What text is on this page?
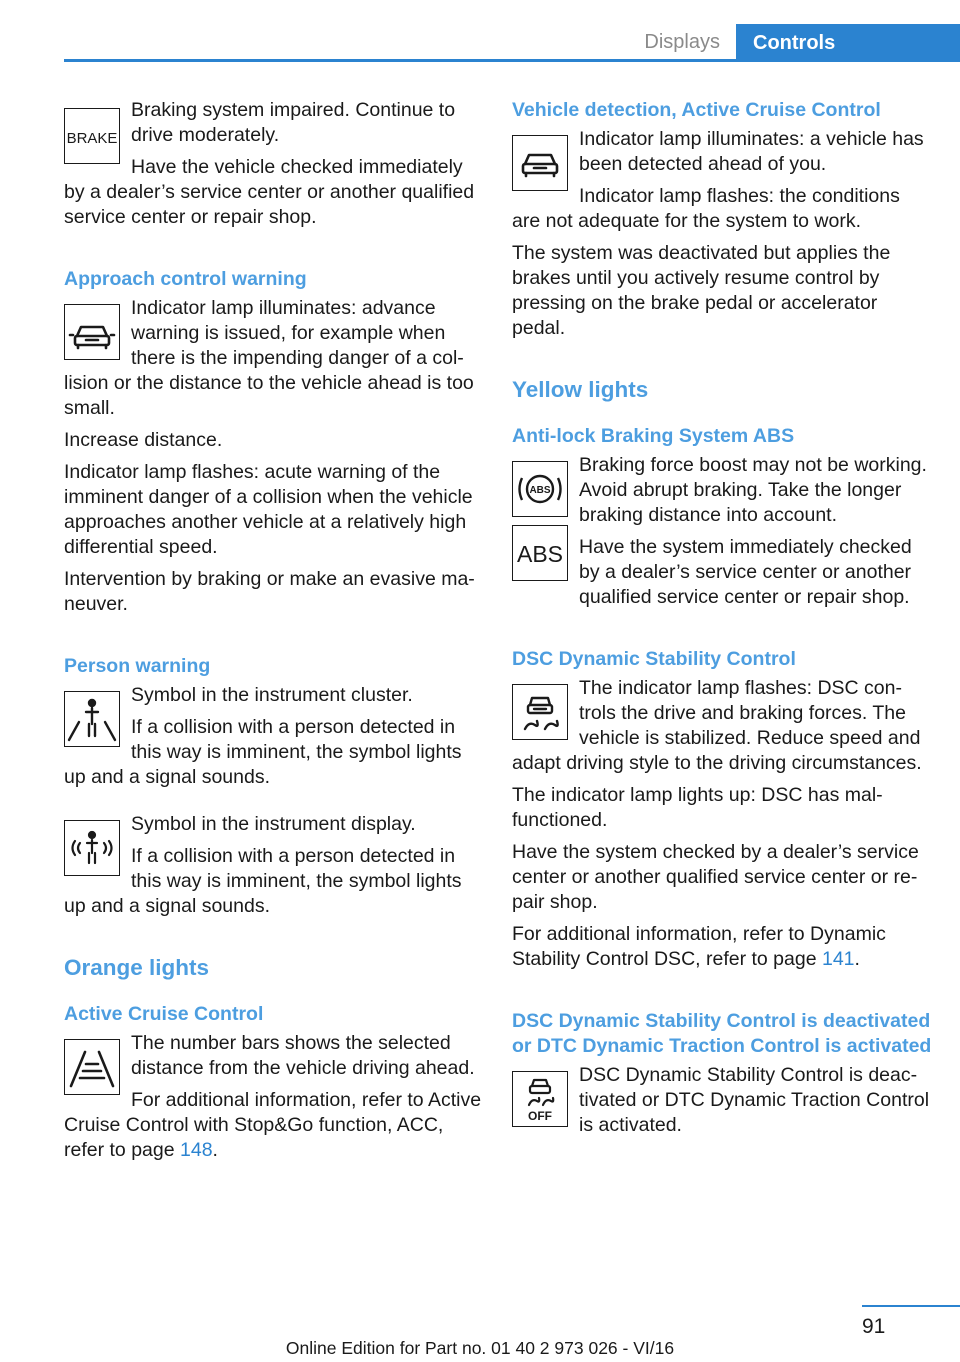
Displays	Controls
BRAKE

Braking system impaired. Continue to drive moderately.

Have the vehicle checked immediately by a dealer’s service center or another qualified service center or repair shop.

Approach control warning

Indicator lamp illuminates: advance warning is issued, for example when there is the impending danger of a collision or the distance to the vehicle ahead is too small.

Increase distance.

Indicator lamp flashes: acute warning of the imminent danger of a collision when the vehicle approaches another vehicle at a relatively high differential speed.

Intervention by braking or make an evasive maneuver.

Person warning

Symbol in the instrument cluster.

If a collision with a person detected in this way is imminent, the symbol lights up and a signal sounds.

Symbol in the instrument display.

If a collision with a person detected in this way is imminent, the symbol lights up and a signal sounds.

Orange lights
Active Cruise Control

The number bars shows the selected distance from the vehicle driving ahead.

For additional information, refer to Active Cruise Control with Stop&Go function, ACC, refer to page 148.

Vehicle detection, Active Cruise Control

Indicator lamp illuminates: a vehicle has been detected ahead of you.

Indicator lamp flashes: the conditions are not adequate for the system to work.

The system was deactivated but applies the brakes until you actively resume control by pressing on the brake pedal or accelerator pedal.

Yellow lights
Anti-lock Braking System ABS
ABS
ABS

Braking force boost may not be working. Avoid abrupt braking. Take the longer braking distance into account.

Have the system immediately checked by a dealer’s service center or another qualified service center or repair shop.

DSC Dynamic Stability Control

The indicator lamp flashes: DSC controls the drive and braking forces. The vehicle is stabilized. Reduce speed and adapt driving style to the driving circumstances.

The indicator lamp lights up: DSC has malfunctioned.

Have the system checked by a dealer’s service center or another qualified service center or repair shop.

For additional information, refer to Dynamic Stability Control DSC, refer to page 141.

DSC Dynamic Stability Control is deactivated or DTC Dynamic Traction Control is activated
OFF

DSC Dynamic Stability Control is deactivated or DTC Dynamic Traction Control is activated.

91
Online Edition for Part no. 01 40 2 973 026 - VI/16
